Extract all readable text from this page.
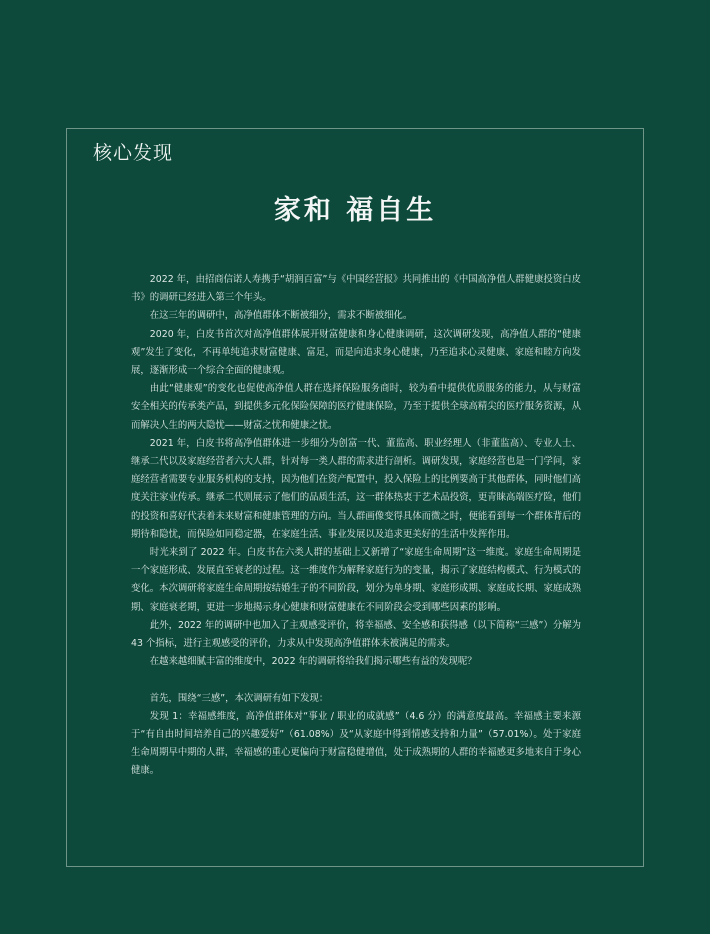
核心发现
家和 福自生

2022 年，由招商信诺人寿携手“胡润百富”与《中国经营报》共同推出的《中国高净值人群健康投资白皮书》的调研已经进入第三个年头。

在这三年的调研中，高净值群体不断被细分，需求不断被细化。

2020 年，白皮书首次对高净值群体展开财富健康和身心健康调研，这次调研发现，高净值人群的“健康观”发生了变化，不再单纯追求财富健康、富足，而是向追求身心健康，乃至追求心灵健康、家庭和睦方向发展，逐渐形成一个综合全面的健康观。

由此“健康观”的变化也促使高净值人群在选择保险服务商时，较为看中提供优质服务的能力，从与财富安全相关的传承类产品，到提供多元化保险保障的医疗健康保险，乃至于提供全球高精尖的医疗服务资源，从而解决人生的两大隐忧——财富之忧和健康之忧。

2021 年，白皮书将高净值群体进一步细分为创富一代、董监高、职业经理人（非董监高）、专业人士、继承二代以及家庭经营者六大人群，针对每一类人群的需求进行剖析。调研发现，家庭经营也是一门学问，家庭经营者需要专业服务机构的支持，因为他们在资产配置中，投入保险上的比例要高于其他群体，同时他们高度关注家业传承。继承二代则展示了他们的品质生活，这一群体热衷于艺术品投资，更青睐高端医疗险，他们的投资和喜好代表着未来财富和健康管理的方向。当人群画像变得具体而微之时，便能看到每一个群体背后的期待和隐忧，而保险如同稳定器，在家庭生活、事业发展以及追求更美好的生活中发挥作用。

时光来到了 2022 年。白皮书在六类人群的基础上又新增了“家庭生命周期”这一维度。家庭生命周期是一个家庭形成、发展直至衰老的过程。这一维度作为解释家庭行为的变量，揭示了家庭结构模式、行为模式的变化。本次调研将家庭生命周期按结婚生子的不同阶段，划分为单身期、家庭形成期、家庭成长期、家庭成熟期、家庭衰老期，更进一步地揭示身心健康和财富健康在不同阶段会受到哪些因素的影响。

此外，2022 年的调研中也加入了主观感受评价，将幸福感、安全感和获得感（以下简称“三感”）分解为 43 个指标，进行主观感受的评价，力求从中发现高净值群体未被满足的需求。

在越来越细腻丰富的维度中，2022 年的调研将给我们揭示哪些有益的发现呢？

首先，围绕“三感”，本次调研有如下发现：

发现 1：幸福感维度，高净值群体对“事业 / 职业的成就感”（4.6 分）的满意度最高。幸福感主要来源于“有自由时间培养自己的兴趣爱好”（61.08%）及“从家庭中得到情感支持和力量”（57.01%）。处于家庭生命周期早中期的人群，幸福感的重心更偏向于财富稳健增值，处于成熟期的人群的幸福感更多地来自于身心健康。
